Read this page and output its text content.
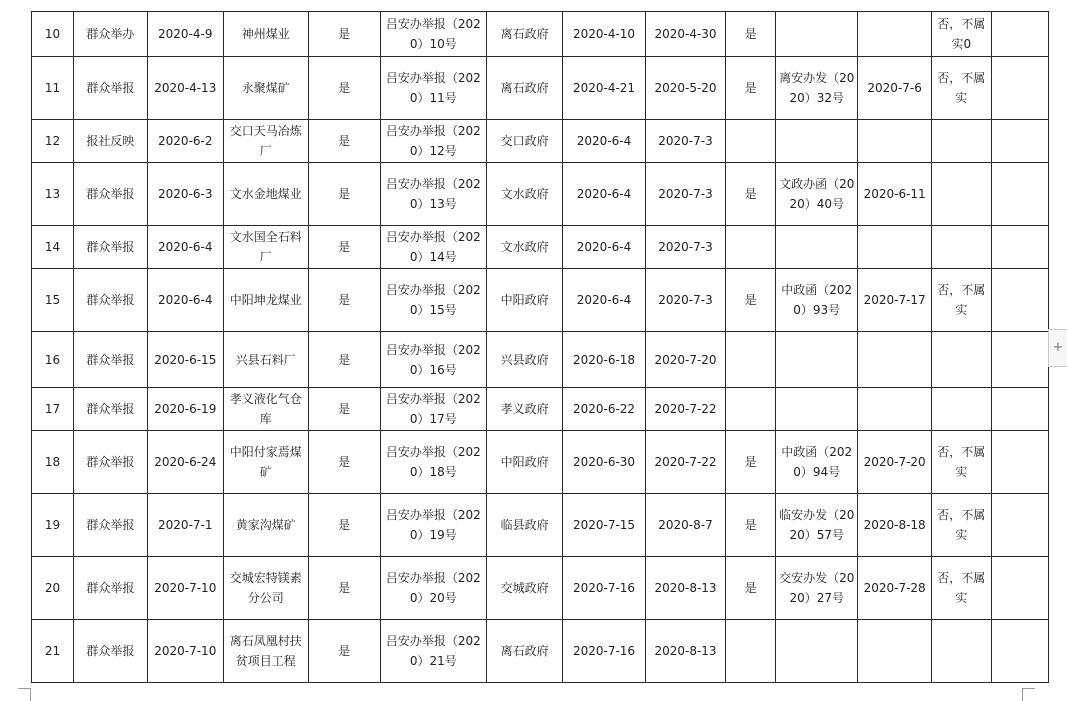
10	群众举办	2020-4-9	神州煤业	是	吕安办举报（2020）10号	离石政府	2020-4-10	2020-4-30	是			否，不属实0	
11	群众举报	2020-4-13	永聚煤矿	是	吕安办举报（2020）11号	离石政府	2020-4-21	2020-5-20	是	离安办发（2020）32号	2020-7-6	否，不属实	
12	报社反映	2020-6-2	交口天马冶炼厂	是	吕安办举报（2020）12号	交口政府	2020-6-4	2020-7-3					
13	群众举报	2020-6-3	文水金地煤业	是	吕安办举报（2020）13号	文水政府	2020-6-4	2020-7-3	是	文政办函（2020）40号	2020-6-11		
14	群众举报	2020-6-4	文水国全石料厂	是	吕安办举报（2020）14号	文水政府	2020-6-4	2020-7-3					
15	群众举报	2020-6-4	中阳坤龙煤业	是	吕安办举报（2020）15号	中阳政府	2020-6-4	2020-7-3	是	中政函（2020）93号	2020-7-17	否，不属实	
16	群众举报	2020-6-15	兴县石料厂	是	吕安办举报（2020）16号	兴县政府	2020-6-18	2020-7-20					
17	群众举报	2020-6-19	孝义液化气仓库	是	吕安办举报（2020）17号	孝义政府	2020-6-22	2020-7-22					
18	群众举报	2020-6-24	中阳付家焉煤矿	是	吕安办举报（2020）18号	中阳政府	2020-6-30	2020-7-22	是	中政函（2020）94号	2020-7-20	否，不属实	
19	群众举报	2020-7-1	黄家沟煤矿	是	吕安办举报（2020）19号	临县政府	2020-7-15	2020-8-7	是	临安办发（2020）57号	2020-8-18	否，不属实	
20	群众举报	2020-7-10	交城宏特镁素分公司	是	吕安办举报（2020）20号	交城政府	2020-7-16	2020-8-13	是	交安办发（2020）27号	2020-7-28	否，不属实	
21	群众举报	2020-7-10	离石凤凰村扶贫项目工程	是	吕安办举报（2020）21号	离石政府	2020-7-16	2020-8-13					
+
